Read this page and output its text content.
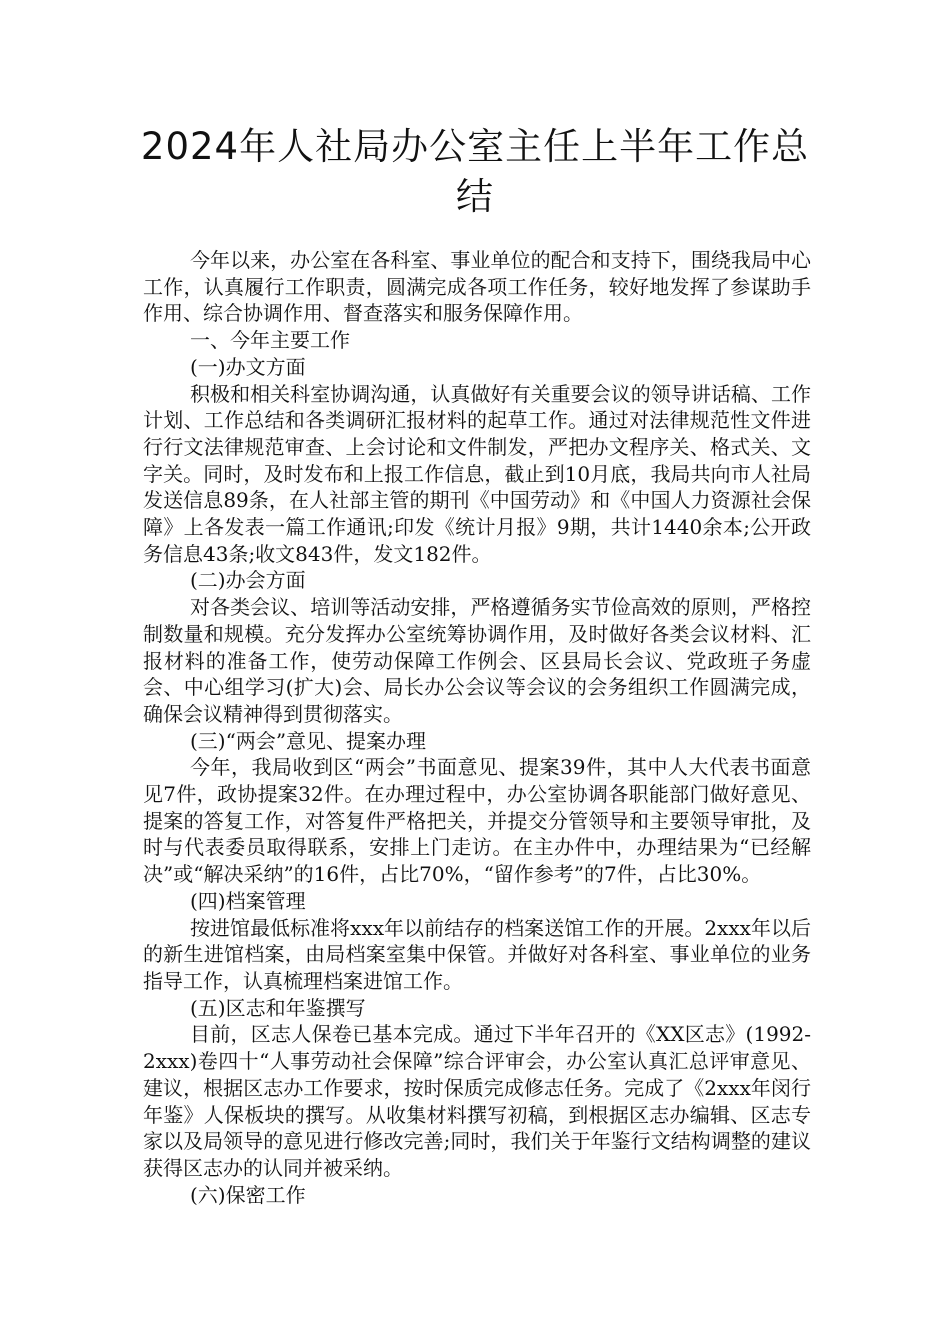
2024年人社局办公室主任上半年工作总结

今年以来，办公室在各科室、事业单位的配合和支持下，围绕我局中心工作，认真履行工作职责，圆满完成各项工作任务，较好地发挥了参谋助手作用、综合协调作用、督查落实和服务保障作用。

一、今年主要工作

(一)办文方面

积极和相关科室协调沟通，认真做好有关重要会议的领导讲话稿、工作计划、工作总结和各类调研汇报材料的起草工作。通过对法律规范性文件进行行文法律规范审查、上会讨论和文件制发，严把办文程序关、格式关、文字关。同时，及时发布和上报工作信息，截止到10月底，我局共向市人社局发送信息89条，在人社部主管的期刊《中国劳动》和《中国人力资源社会保障》上各发表一篇工作通讯;印发《统计月报》9期，共计1440余本;公开政务信息43条;收文843件，发文182件。

(二)办会方面

对各类会议、培训等活动安排，严格遵循务实节俭高效的原则，严格控制数量和规模。充分发挥办公室统筹协调作用，及时做好各类会议材料、汇报材料的准备工作，使劳动保障工作例会、区县局长会议、党政班子务虚会、中心组学习(扩大)会、局长办公会议等会议的会务组织工作圆满完成，确保会议精神得到贯彻落实。

(三)“两会”意见、提案办理

今年，我局收到区“两会”书面意见、提案39件，其中人大代表书面意见7件，政协提案32件。在办理过程中，办公室协调各职能部门做好意见、提案的答复工作，对答复件严格把关，并提交分管领导和主要领导审批，及时与代表委员取得联系，安排上门走访。在主办件中，办理结果为“已经解 决”或“解决采纳”的16件，占比70%，“留作参考”的7件，占比30%。

(四)档案管理

按进馆最低标准将xxx年以前结存的档案送馆工作的开展。2xxx年以后的新生进馆档案，由局档案室集中保管。并做好对各科室、事业单位的业务指导工作，认真梳理档案进馆工作。

(五)区志和年鉴撰写

目前，区志人保卷已基本完成。通过下半年召开的《XX区志》(1992-2xxx)卷四十“人事劳动社会保障”综合评审会，办公室认真汇总评审意见、建议，根据区志办工作要求，按时保质完成修志任务。完成了《2xxx年闵行年鉴》人保板块的撰写。从收集材料撰写初稿，到根据区志办编辑、区志专家以及局领导的意见进行修改完善;同时，我们关于年鉴行文结构调整的建议获得区志办的认同并被采纳。

(六)保密工作
